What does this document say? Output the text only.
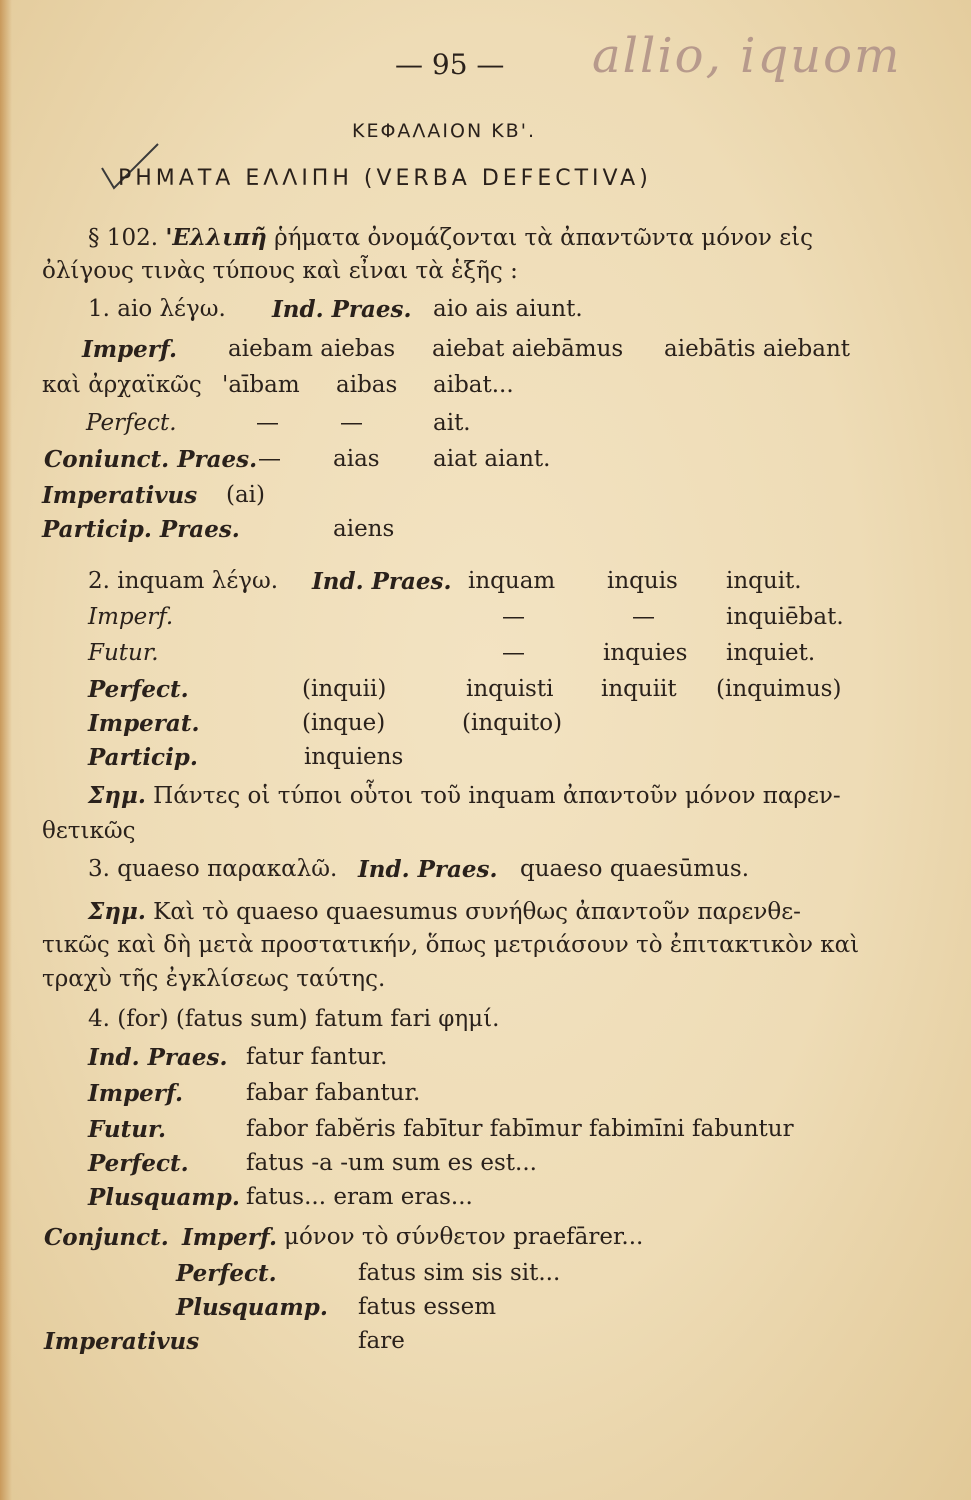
— 95 — allio, iquom
ΚΕΦΑΛΑΙΟΝ ΚΒ'.
ΡΗΜΑΤΑ ΕΛΛΙΠΗ (VERBA DEFECTIVA)
§ 102. 'Ελλιπῆ ῥήματα ὀνομάζονται τὰ ἀπαντῶντα μόνον εἰς
ὀλίγους τινὰς τύπους καὶ εἶναι τὰ ἑξῆς :
1. aio λέγω. Ind. Praes. aio ais aiunt.
Imperf. aiebam aiebas aiebat aiebāmus aiebātis aiebant
καὶ ἀρχαϊκῶς 'aībam aibas aibat...
Perfect.	—	—	ait.
Coniunct. Praes. — aias aiat aiant.
Imperativus (ai)
Particip. Praes.	aiens
2. inquam λέγω. Ind. Praes. inquam inquis inquit.
Imperf.	—	—	inquiēbat.
Futur.	—	inquies inquiet.
Perfect.	(inquii)	inquisti inquiit (inquimus)
Imperat.	(inque)	(inquito)
Particip.	inquiens
Σημ. Πάντες οἱ τύποι οὗτοι τοῦ inquam ἀπαντοῦν μόνον παρεν-
θετικῶς
3. quaeso παρακαλῶ. Ind. Praes. quaeso quaesūmus.
Σημ. Καὶ τὸ quaeso quaesumus συνήθως ἀπαντοῦν παρενθε-
τικῶς καὶ δὴ μετὰ προστατικήν, ὅπως μετριάσουν τὸ ἐπιτακτικὸν καὶ
τραχὺ τῆς ἐγκλίσεως ταύτης.
4. (for) (fatus sum) fatum fari φημί.
Ind. Praes. fatur fantur.
Imperf.	fabar fabantur.
Futur.	fabor fabĕris fabītur fabīmur fabimīni fabuntur
Perfect. fatus -a -um sum es est...
Plusquamp. fatus... eram eras...
Conjunct. Imperf. μόνον τὸ σύνθετον praefārer...
Perfect.	fatus sim sis sit...
Plusquamp. fatus essem
Imperativus	fare
